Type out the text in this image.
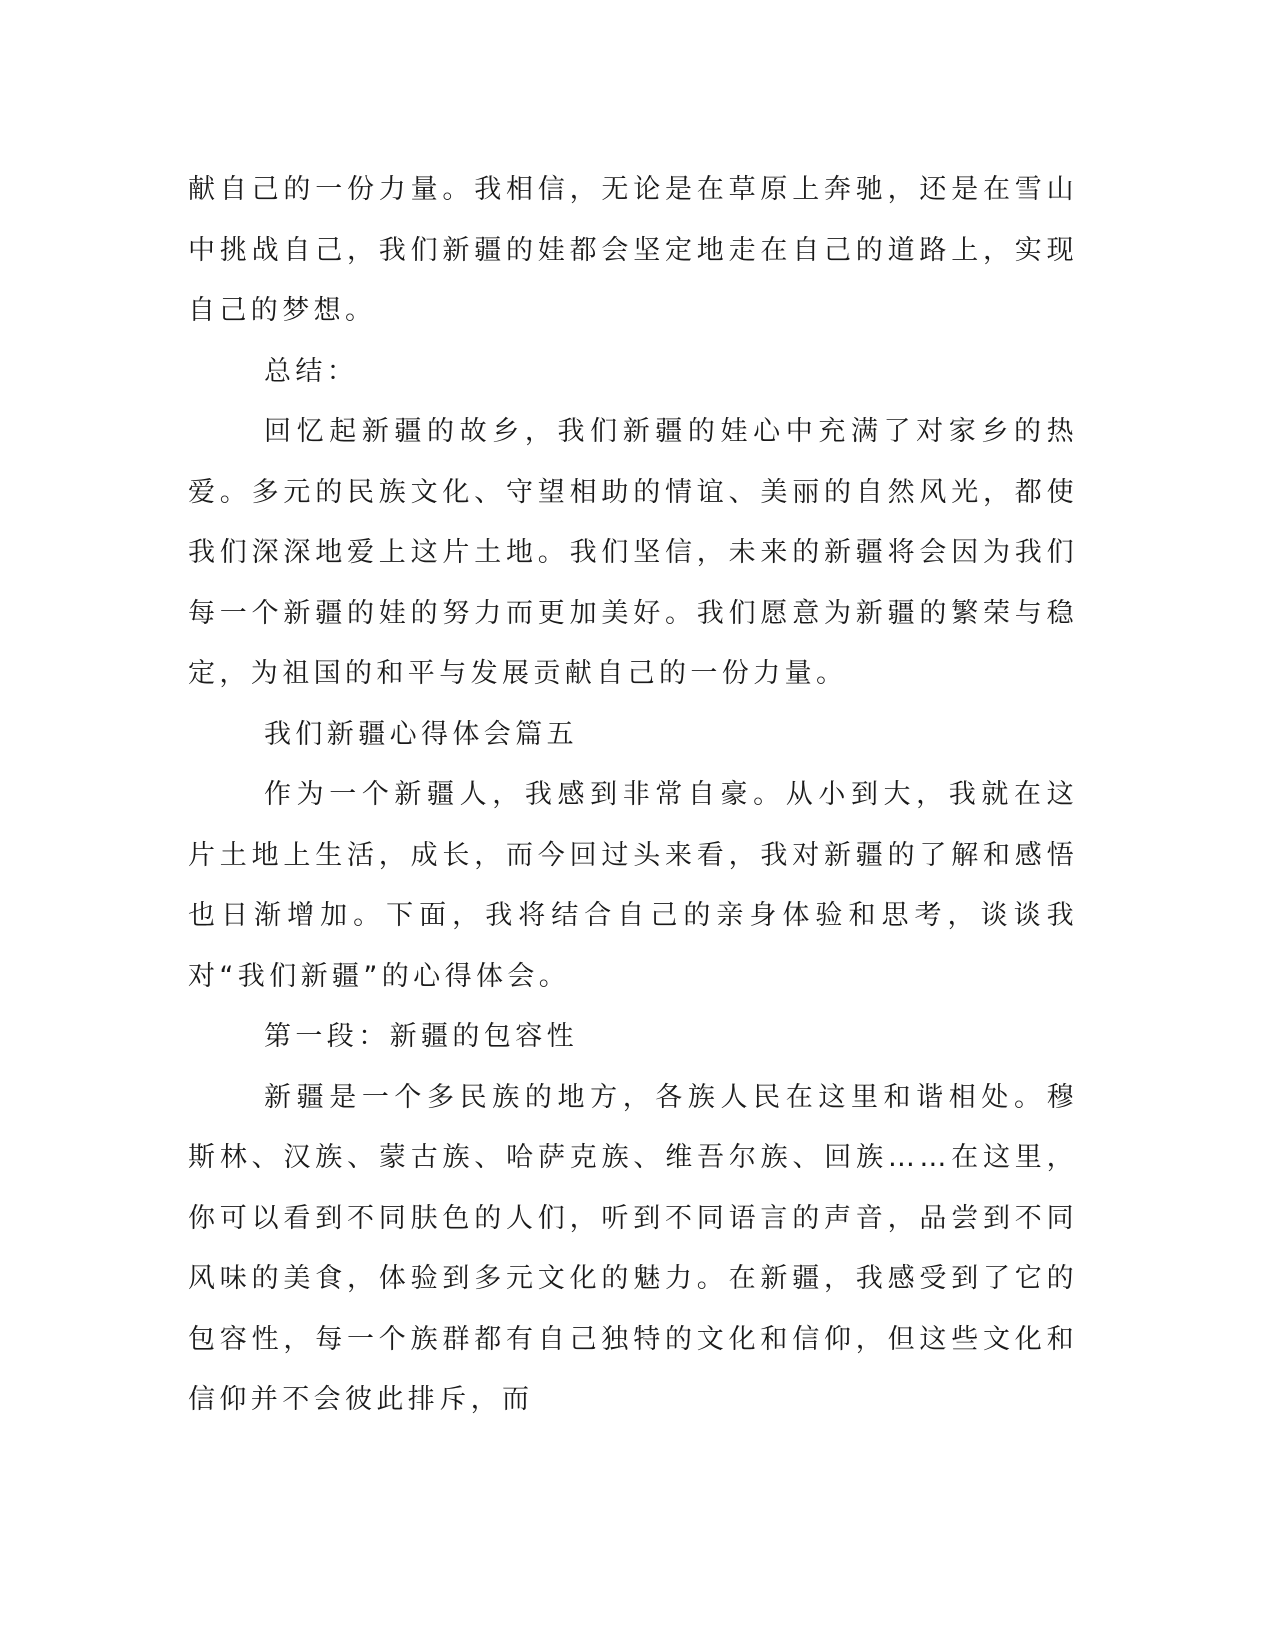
献自己的一份力量。我相信，无论是在草原上奔驰，还是在雪山中挑战自己，我们新疆的娃都会坚定地走在自己的道路上，实现自己的梦想。

总结：

回忆起新疆的故乡，我们新疆的娃心中充满了对家乡的热爱。多元的民族文化、守望相助的情谊、美丽的自然风光，都使我们深深地爱上这片土地。我们坚信，未来的新疆将会因为我们每一个新疆的娃的努力而更加美好。我们愿意为新疆的繁荣与稳定，为祖国的和平与发展贡献自己的一份力量。

我们新疆心得体会篇五

作为一个新疆人，我感到非常自豪。从小到大，我就在这片土地上生活，成长，而今回过头来看，我对新疆的了解和感悟也日渐增加。下面，我将结合自己的亲身体验和思考，谈谈我对“我们新疆”的心得体会。

第一段：新疆的包容性

新疆是一个多民族的地方，各族人民在这里和谐相处。穆斯林、汉族、蒙古族、哈萨克族、维吾尔族、回族……在这里，你可以看到不同肤色的人们，听到不同语言的声音，品尝到不同风味的美食，体验到多元文化的魅力。在新疆，我感受到了它的包容性，每一个族群都有自己独特的文化和信仰，但这些文化和信仰并不会彼此排斥，而
